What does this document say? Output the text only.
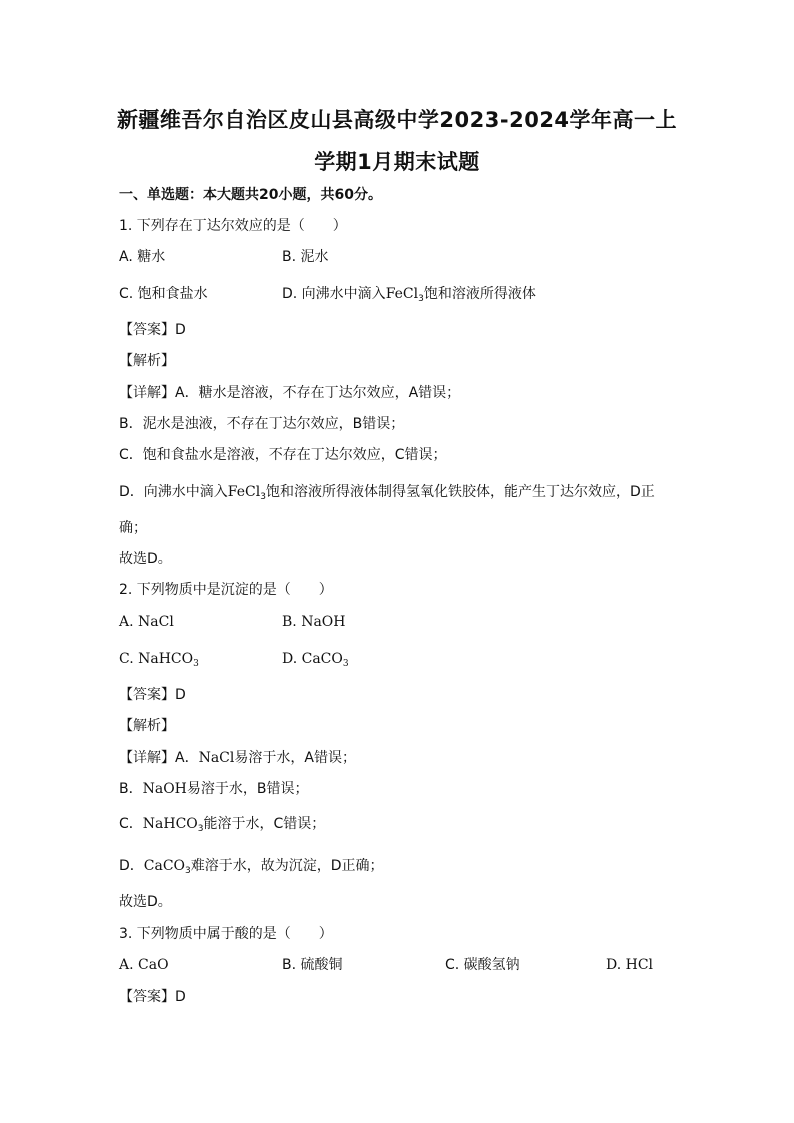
新疆维吾尔自治区皮山县高级中学2023-2024学年高一上
学期1月期末试题
一、单选题：本大题共20小题，共60分。
1. 下列存在丁达尔效应的是（　　）
A. 糖水	B. 泥水
C. 饱和食盐水	D. 向沸水中滴入FeCl$_3$饱和溶液所得液体
【答案】D
【解析】
【详解】A．糖水是溶液，不存在丁达尔效应，A错误；
B．泥水是浊液，不存在丁达尔效应，B错误；
C．饱和食盐水是溶液，不存在丁达尔效应，C错误；
D．向沸水中滴入FeCl$_3$饱和溶液所得液体制得氢氧化铁胶体，能产生丁达尔效应，D正
确；
故选D。
2. 下列物质中是沉淀的是（　　）
A. NaCl	B. NaOH
C. NaHCO$_3$	D. CaCO$_3$
【答案】D
【解析】
【详解】A．NaCl易溶于水，A错误；
B．NaOH易溶于水，B错误；
C．NaHCO$_3$能溶于水，C错误；
D．CaCO$_3$难溶于水，故为沉淀，D正确；
故选D。
3. 下列物质中属于酸的是（　　）
A. CaO	B. 硫酸铜	C. 碳酸氢钠	D. HCl
【答案】D
